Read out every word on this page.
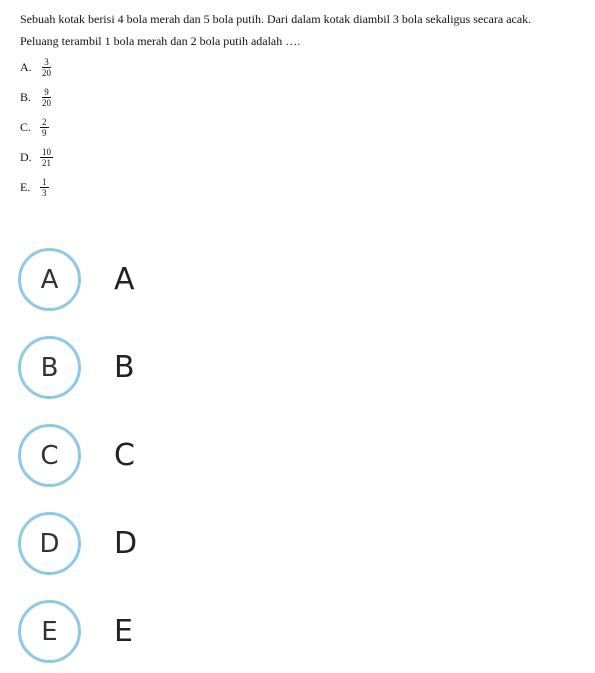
Sebuah kotak berisi 4 bola merah dan 5 bola putih. Dari dalam kotak diambil 3 bola sekaligus secara acak.

Peluang terambil 1 bola merah dan 2 bola putih adalah ….

A. $\frac{3}{20}$
B. $\frac{9}{20}$
C. $\frac{2}{9}$
D. $\frac{10}{21}$
E.	$\frac{1}{3}$
A	A
B	B
C	C
D	D
E	E
